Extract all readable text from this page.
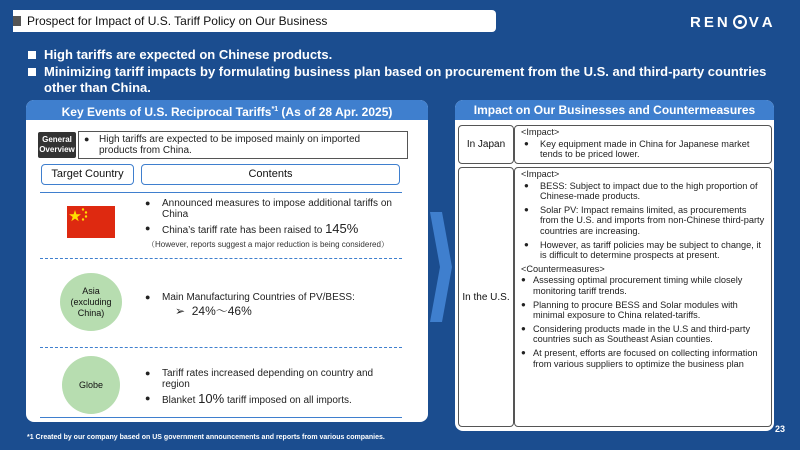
Prospect for Impact of U.S. Tariff Policy on Our Business	R E N V A
High tariffs are expected on Chinese products.
Minimizing tariff impacts by formulating business plan based on procurement from the U.S. and third-party countries other than China.
Key Events of U.S. Reciprocal Tariffs$^{*1}$ (As of 28 Apr. 2025)
General Overview
● High tariffs are expected to be imposed mainly on imported products from China.
Target Country	Contents
● Announced measures to impose additional tariffs on China
● China’s tariff rate has been raised to 145%
（However, reports suggest a major reduction is being considered）
Asia
(excluding China)
● Main Manufacturing Countries of PV/BESS:
➢ 24%～46%
Globe
● Tariff rates increased depending on country and region
● Blanket 10% tariff imposed on all imports.
Impact on Our Businesses and Countermeasures
In Japan
<Impact>
● Key equipment made in China for Japanese market tends to be priced lower.
In the U.S.
<Impact>
● BESS: Subject to impact due to the high proportion of Chinese-made products.
● Solar PV: Impact remains limited, as procurements from the U.S. and imports from non-Chinese third-party countries are increasing.
● However, as tariff policies may be subject to change, it is difficult to determine prospects at present.
<Countermeasures>
● Assessing optimal procurement timing while closely monitoring tariff trends.
● Planning to procure BESS and Solar modules with minimal exposure to China related-tariffs.
● Considering products made in the U.S and third-party countries such as Southeast Asian counties.
● At present, efforts are focused on collecting information from various suppliers to optimize the business plan
*1 Created by our company based on US government announcements and reports from various companies.
23
